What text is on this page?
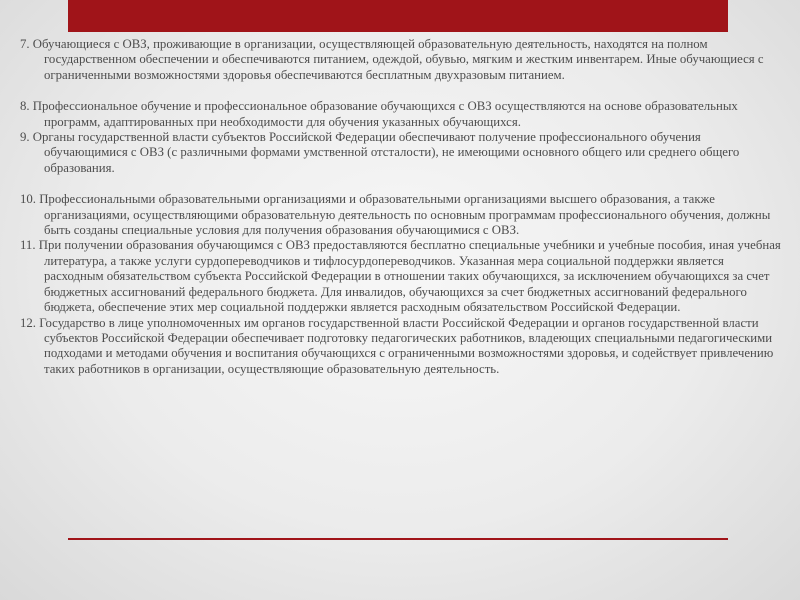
7. Обучающиеся с ОВЗ, проживающие в организации, осуществляющей образовательную деятельность, находятся на полном государственном обеспечении и обеспечиваются питанием, одеждой, обувью, мягким и жестким инвентарем. Иные обучающиеся с ограниченными возможностями здоровья обеспечиваются бесплатным двухразовым питанием.

8. Профессиональное обучение и профессиональное образование обучающихся с ОВЗ осуществляются на основе образовательных программ, адаптированных при необходимости для обучения указанных обучающихся.

9. Органы государственной власти субъектов Российской Федерации обеспечивают получение профессионального обучения обучающимися с ОВЗ (с различными формами умственной отсталости), не имеющими основного общего или среднего общего образования.

10. Профессиональными образовательными организациями и образовательными организациями высшего образования, а также организациями, осуществляющими образовательную деятельность по основным программам профессионального обучения, должны быть созданы специальные условия для получения образования обучающимися с ОВЗ.

11. При получении образования обучающимся с ОВЗ предоставляются бесплатно специальные учебники и учебные пособия, иная учебная литература, а также услуги сурдопереводчиков и тифлосурдопереводчиков. Указанная мера социальной поддержки является расходным обязательством субъекта Российской Федерации в отношении таких обучающихся, за исключением обучающихся за счет бюджетных ассигнований федерального бюджета. Для инвалидов, обучающихся за счет бюджетных ассигнований федерального бюджета, обеспечение этих мер социальной поддержки является расходным обязательством Российской Федерации.

12. Государство в лице уполномоченных им органов государственной власти Российской Федерации и органов государственной власти субъектов Российской Федерации обеспечивает подготовку педагогических работников, владеющих специальными педагогическими подходами и методами обучения и воспитания обучающихся с ограниченными возможностями здоровья, и содействует привлечению таких работников в организации, осуществляющие образовательную деятельность.
